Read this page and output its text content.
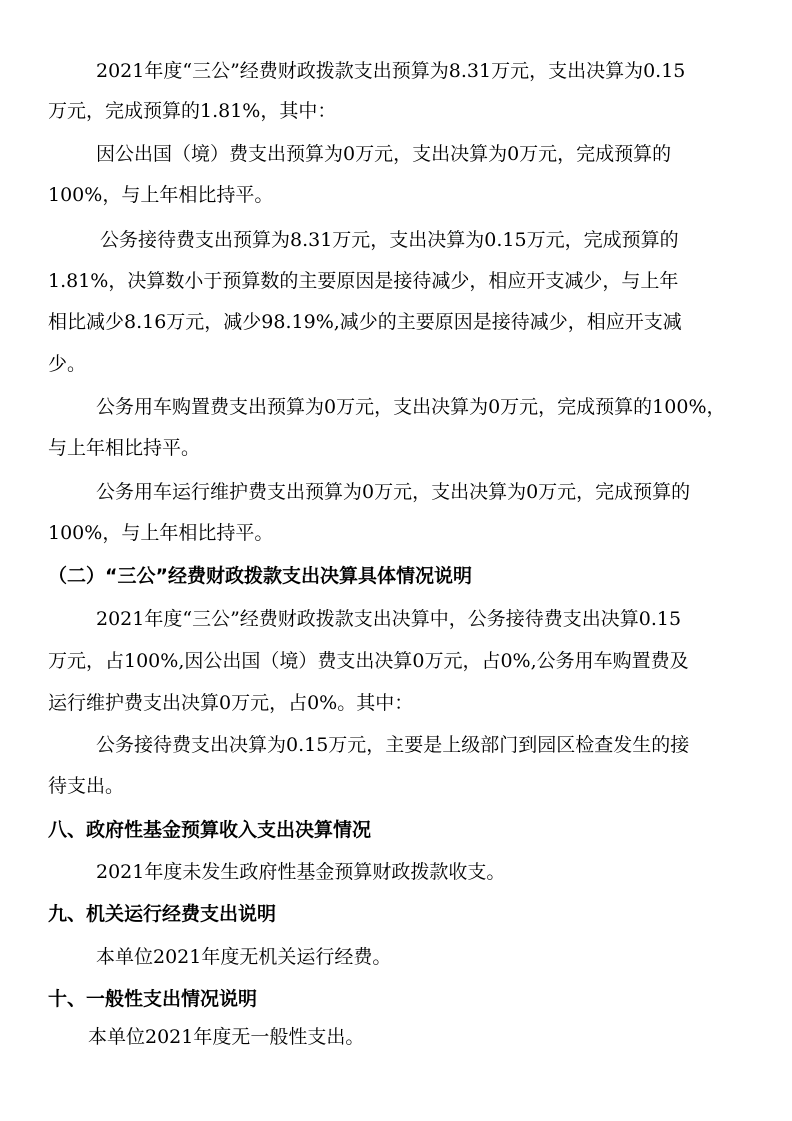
2021年度“三公”经费财政拨款支出预算为8.31万元，支出决算为0.15
万元，完成预算的1.81%，其中：
因公出国（境）费支出预算为0万元，支出决算为0万元，完成预算的
100%，与上年相比持平。
公务接待费支出预算为8.31万元，支出决算为0.15万元，完成预算的
1.81%，决算数小于预算数的主要原因是接待减少，相应开支减少，与上年
相比减少8.16万元，减少98.19%,减少的主要原因是接待减少，相应开支减
少。
公务用车购置费支出预算为0万元，支出决算为0万元，完成预算的100%，
与上年相比持平。
公务用车运行维护费支出预算为0万元，支出决算为0万元，完成预算的
100%，与上年相比持平。
（二）“三公”经费财政拨款支出决算具体情况说明
2021年度“三公”经费财政拨款支出决算中，公务接待费支出决算0.15
万元，占100%,因公出国（境）费支出决算0万元，占0%,公务用车购置费及
运行维护费支出决算0万元，占0%。其中：
公务接待费支出决算为0.15万元，主要是上级部门到园区检查发生的接
待支出。
八、政府性基金预算收入支出决算情况
2021年度未发生政府性基金预算财政拨款收支。
九、机关运行经费支出说明
本单位2021年度无机关运行经费。
十、一般性支出情况说明
本单位2021年度无一般性支出。
